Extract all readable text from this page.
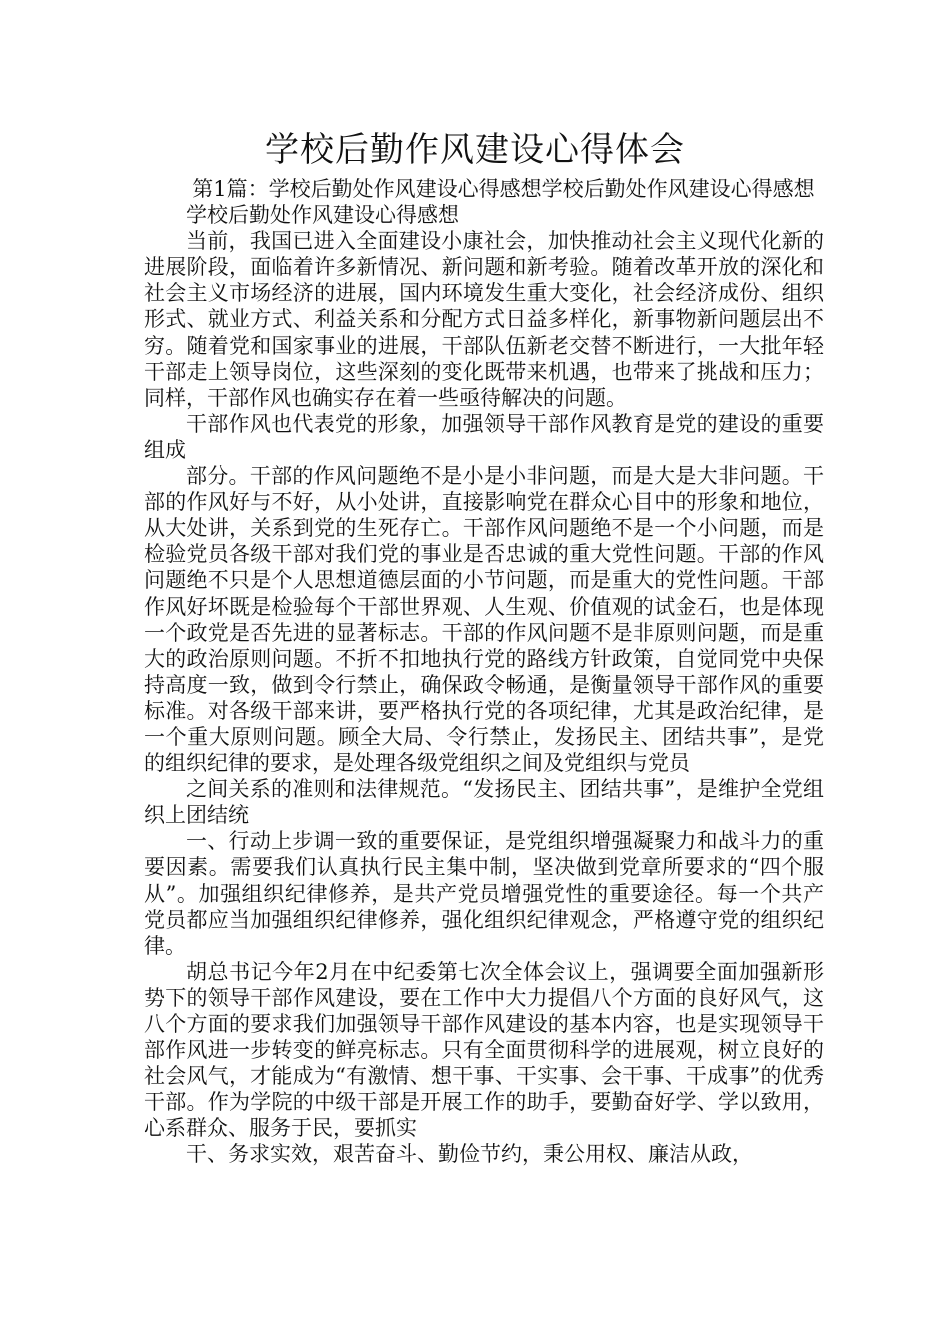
学校后勤作风建设心得体会

第1篇：学校后勤处作风建设心得感想学校后勤处作风建设心得感想

学校后勤处作风建设心得感想

当前，我国已进入全面建设小康社会，加快推动社会主义现代化新的进展阶段，面临着许多新情况、新问题和新考验。随着改革开放的深化和社会主义市场经济的进展，国内环境发生重大变化，社会经济成份、组织形式、就业方式、利益关系和分配方式日益多样化，新事物新问题层出不穷。随着党和国家事业的进展，干部队伍新老交替不断进行，一大批年轻干部走上领导岗位，这些深刻的变化既带来机遇，也带来了挑战和压力；同样，干部作风也确实存在着一些亟待解决的问题。

干部作风也代表党的形象，加强领导干部作风教育是党的建设的重要组成

部分。干部的作风问题绝不是小是小非问题，而是大是大非问题。干部的作风好与不好，从小处讲，直接影响党在群众心目中的形象和地位，从大处讲，关系到党的生死存亡。干部作风问题绝不是一个小问题，而是检验党员各级干部对我们党的事业是否忠诚的重大党性问题。干部的作风问题绝不只是个人思想道德层面的小节问题，而是重大的党性问题。干部作风好坏既是检验每个干部世界观、人生观、价值观的试金石，也是体现一个政党是否先进的显著标志。干部的作风问题不是非原则问题，而是重大的政治原则问题。不折不扣地执行党的路线方针政策，自觉同党中央保持高度一致，做到令行禁止，确保政令畅通，是衡量领导干部作风的重要标准。对各级干部来讲，要严格执行党的各项纪律，尤其是政治纪律，是一个重大原则问题。顾全大局、令行禁止，发扬民主、团结共事”，是党的组织纪律的要求，是处理各级党组织之间及党组织与党员

之间关系的准则和法律规范。“发扬民主、团结共事”，是维护全党组织上团结统

一、行动上步调一致的重要保证，是党组织增强凝聚力和战斗力的重要因素。需要我们认真执行民主集中制，坚决做到党章所要求的“四个服从”。加强组织纪律修养，是共产党员增强党性的重要途径。每一个共产党员都应当加强组织纪律修养，强化组织纪律观念，严格遵守党的组织纪律。

胡总书记今年2月在中纪委第七次全体会议上，强调要全面加强新形势下的领导干部作风建设，要在工作中大力提倡八个方面的良好风气，这八个方面的要求我们加强领导干部作风建设的基本内容，也是实现领导干部作风进一步转变的鲜亮标志。只有全面贯彻科学的进展观，树立良好的社会风气，才能成为“有激情、想干事、干实事、会干事、干成事”的优秀干部。作为学院的中级干部是开展工作的助手，要勤奋好学、学以致用，心系群众、服务于民，要抓实

干、务求实效，艰苦奋斗、勤俭节约，秉公用权、廉洁从政，
